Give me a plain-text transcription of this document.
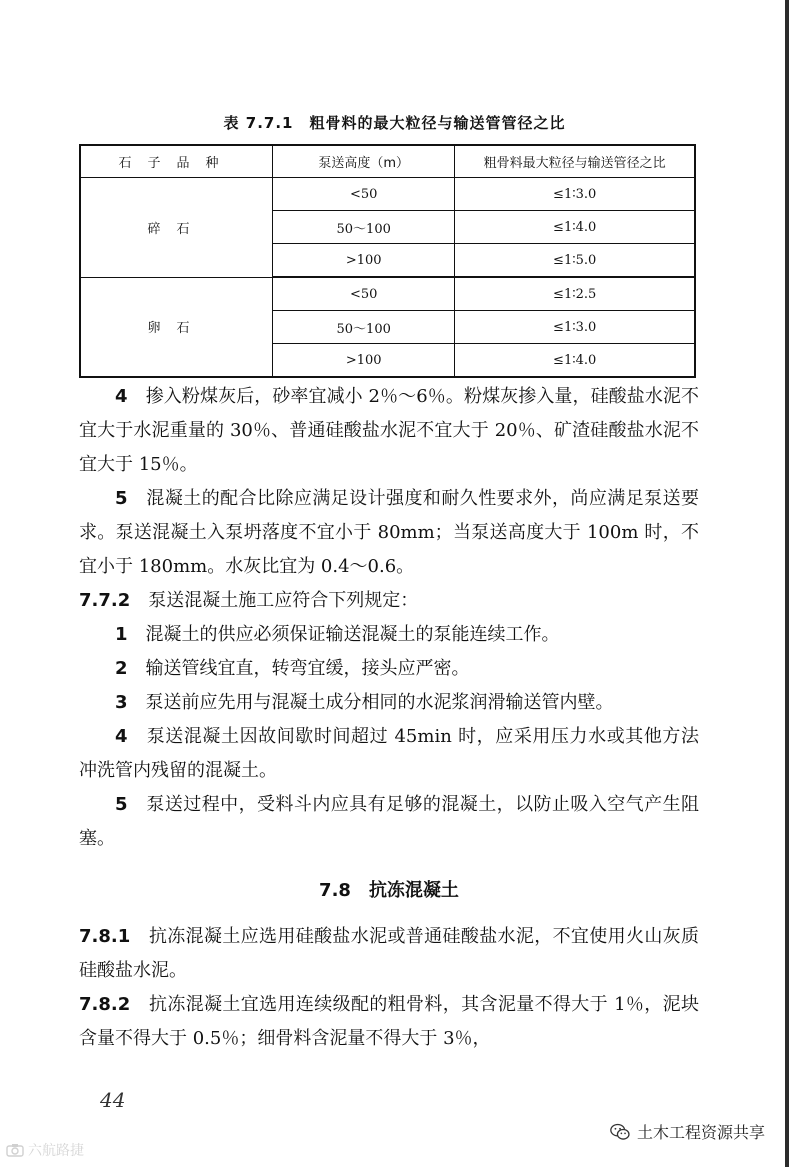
表 7.7.1　粗骨料的最大粒径与输送管管径之比
石子品种	泵送高度（m）	粗骨料最大粒径与输送管径之比
碎石	<50	≤1∶3.0
	50～100	≤1∶4.0
	>100	≤1∶5.0
卵石	<50	≤1∶2.5
	50～100	≤1∶3.0
	>100	≤1∶4.0

4　 掺入粉煤灰后，砂率宜减小 2％～6％。粉煤灰掺入量，硅酸盐水泥不宜大于水泥重量的 30％、普通硅酸盐水泥不宜大于 20％、矿渣硅酸盐水泥不宜大于 15％。

5　 混凝土的配合比除应满足设计强度和耐久性要求外，尚应满足泵送要求。泵送混凝土入泵坍落度不宜小于 80mm；当泵送高度大于 100m 时，不宜小于 180mm。水灰比宜为 0.4～0.6。

7.7.2　 泵送混凝土施工应符合下列规定：

1　 混凝土的供应必须保证输送混凝土的泵能连续工作。

2　 输送管线宜直，转弯宜缓，接头应严密。

3　 泵送前应先用与混凝土成分相同的水泥浆润滑输送管内壁。

4　 泵送混凝土因故间歇时间超过 45min 时，应采用压力水或其他方法冲洗管内残留的混凝土。

5　 泵送过程中，受料斗内应具有足够的混凝土，以防止吸入空气产生阻塞。

7.8　 抗冻混凝土

7.8.1　 抗冻混凝土应选用硅酸盐水泥或普通硅酸盐水泥，不宜使用火山灰质硅酸盐水泥。

7.8.2　 抗冻混凝土宜选用连续级配的粗骨料，其含泥量不得大于 1％，泥块含量不得大于 0.5％；细骨料含泥量不得大于 3％，

44
土木工程资源共享
六航路捷
